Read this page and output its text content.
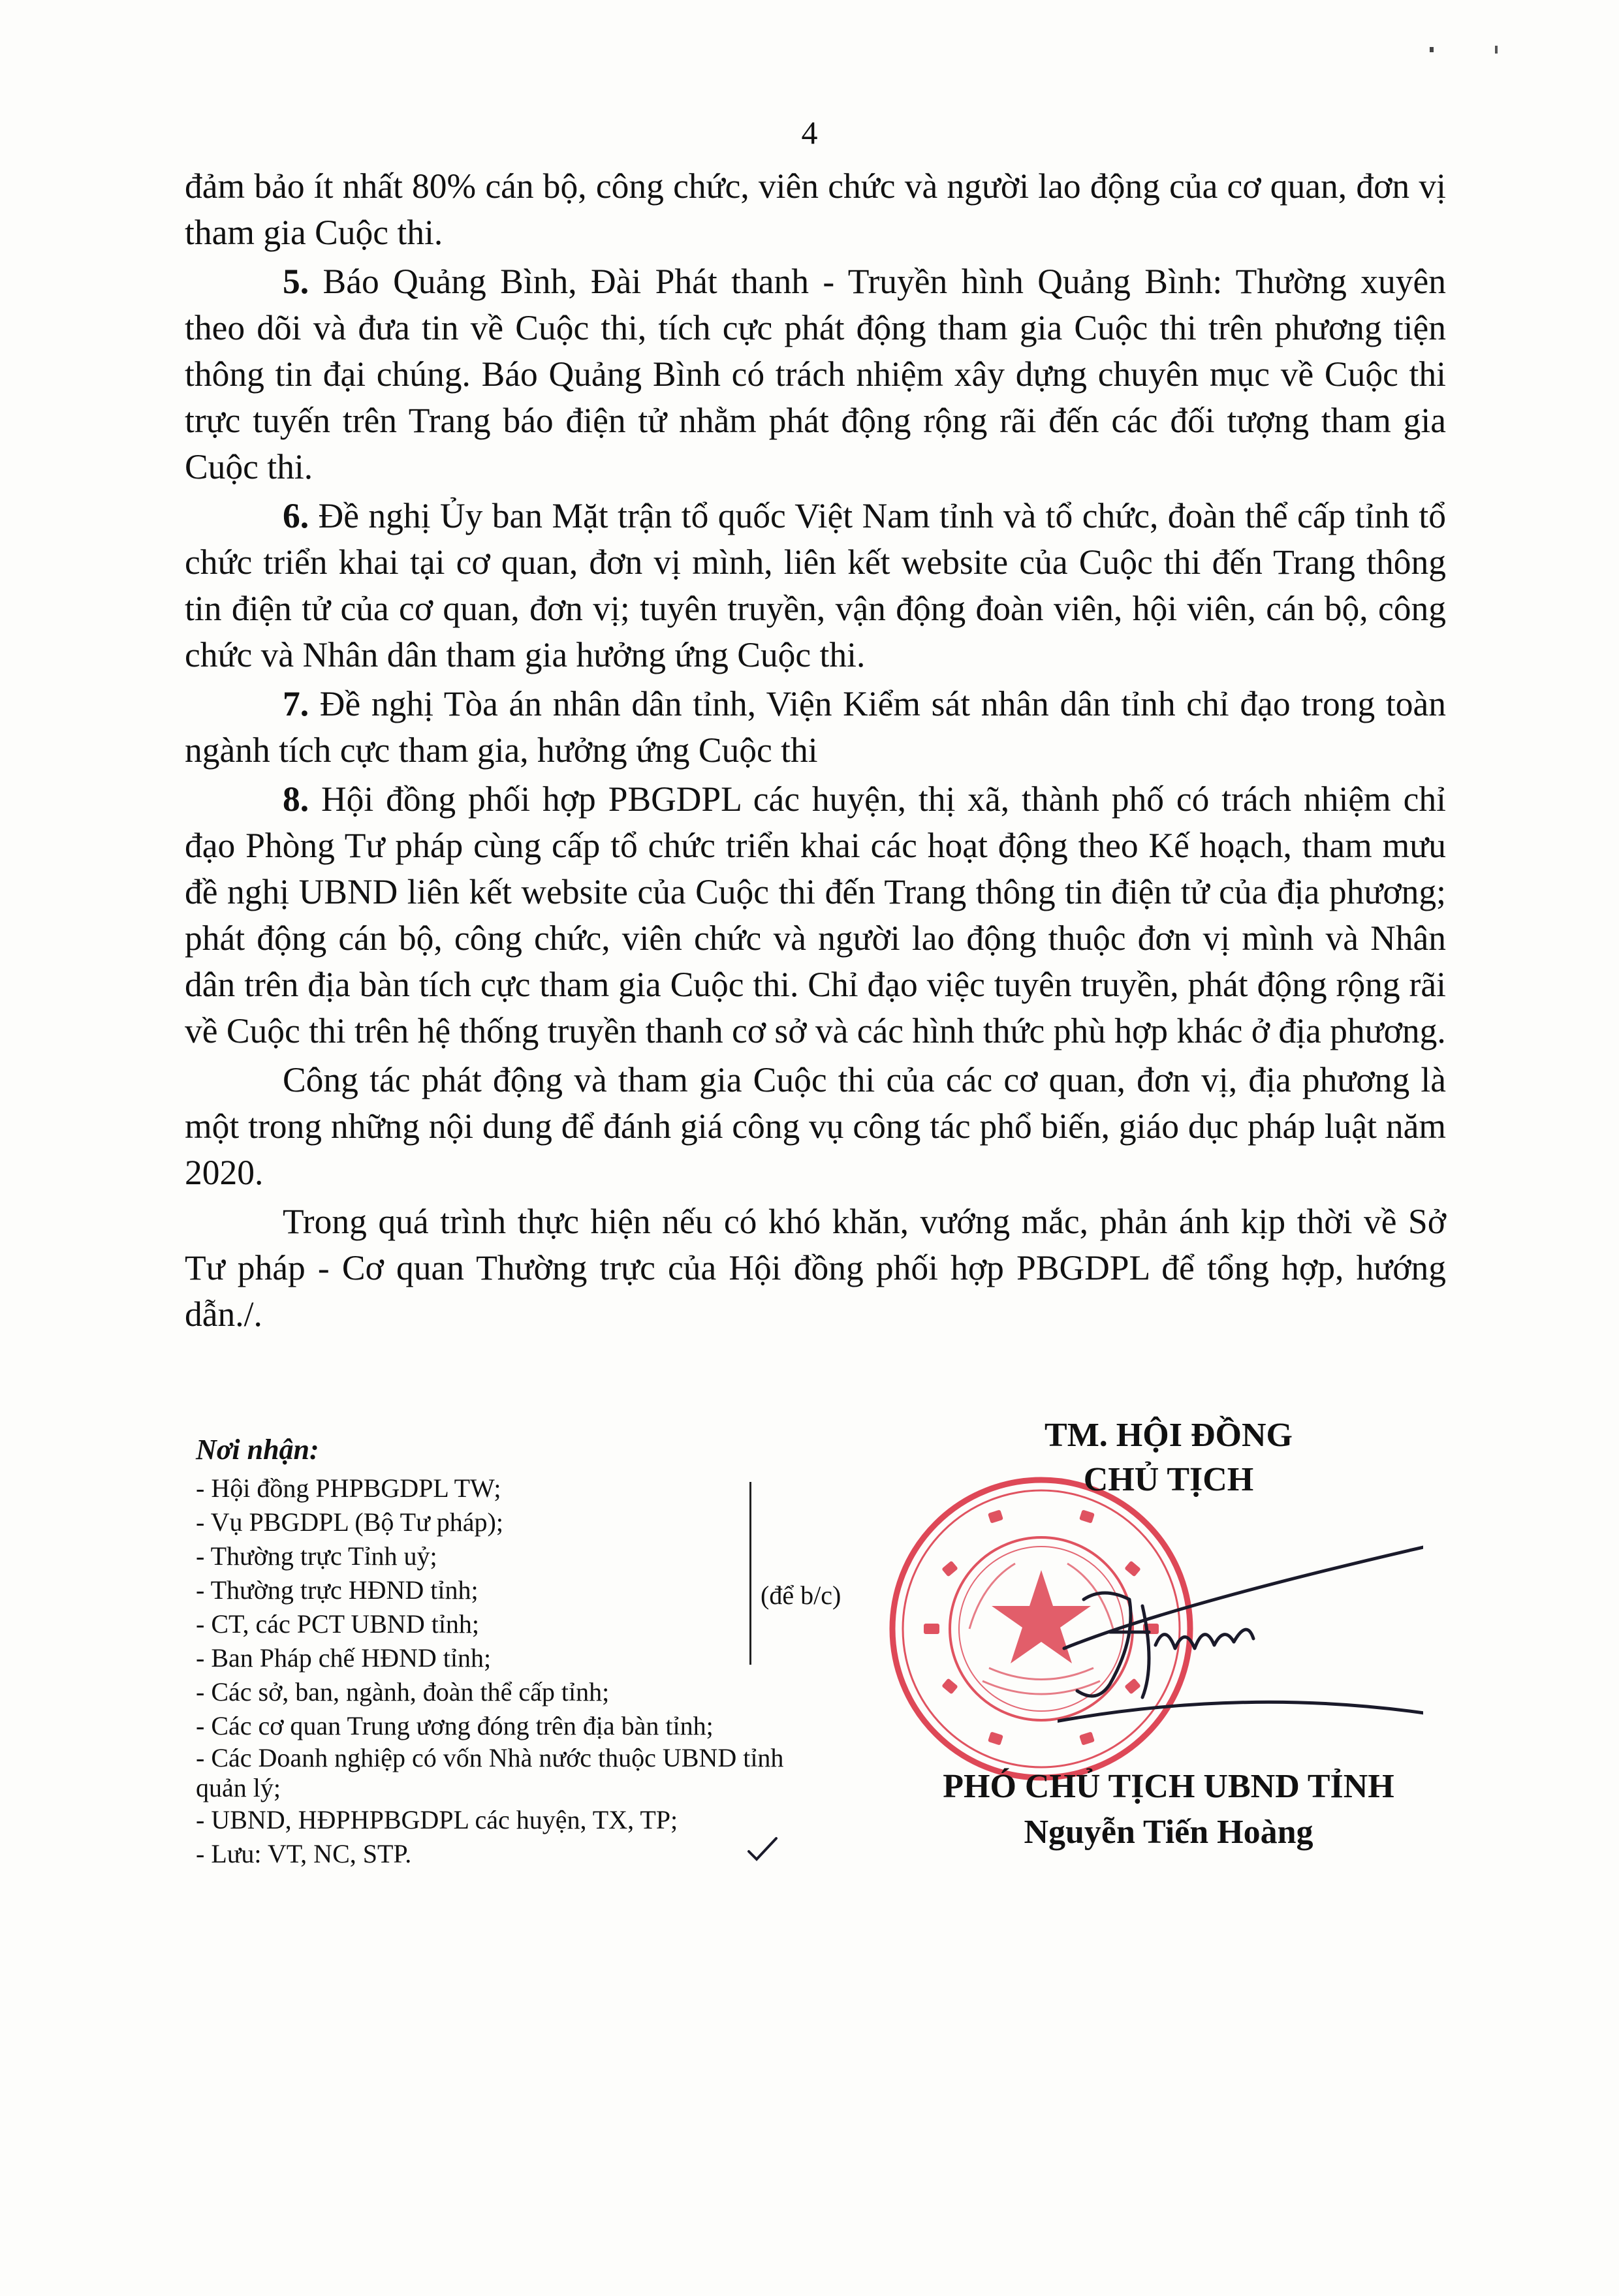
4

đảm bảo ít nhất 80% cán bộ, công chức, viên chức và người lao động của cơ quan, đơn vị tham gia Cuộc thi.

5. Báo Quảng Bình, Đài Phát thanh - Truyền hình Quảng Bình: Thường xuyên theo dõi và đưa tin về Cuộc thi, tích cực phát động tham gia Cuộc thi trên phương tiện thông tin đại chúng. Báo Quảng Bình có trách nhiệm xây dựng chuyên mục về Cuộc thi trực tuyến trên Trang báo điện tử nhằm phát động rộng rãi đến các đối tượng tham gia Cuộc thi.

6. Đề nghị Ủy ban Mặt trận tổ quốc Việt Nam tỉnh và tổ chức, đoàn thể cấp tỉnh tổ chức triển khai tại cơ quan, đơn vị mình, liên kết website của Cuộc thi đến Trang thông tin điện tử của cơ quan, đơn vị; tuyên truyền, vận động đoàn viên, hội viên, cán bộ, công chức và Nhân dân tham gia hưởng ứng Cuộc thi.

7. Đề nghị Tòa án nhân dân tỉnh, Viện Kiểm sát nhân dân tỉnh chỉ đạo trong toàn ngành tích cực tham gia, hưởng ứng Cuộc thi

8. Hội đồng phối hợp PBGDPL các huyện, thị xã, thành phố có trách nhiệm chỉ đạo Phòng Tư pháp cùng cấp tổ chức triển khai các hoạt động theo Kế hoạch, tham mưu đề nghị UBND liên kết website của Cuộc thi đến Trang thông tin điện tử của địa phương; phát động cán bộ, công chức, viên chức và người lao động thuộc đơn vị mình và Nhân dân trên địa bàn tích cực tham gia Cuộc thi. Chỉ đạo việc tuyên truyền, phát động rộng rãi về Cuộc thi trên hệ thống truyền thanh cơ sở và các hình thức phù hợp khác ở địa phương.

Công tác phát động và tham gia Cuộc thi của các cơ quan, đơn vị, địa phương là một trong những nội dung để đánh giá công vụ công tác phổ biến, giáo dục pháp luật năm 2020.

Trong quá trình thực hiện nếu có khó khăn, vướng mắc, phản ánh kịp thời về Sở Tư pháp - Cơ quan Thường trực của Hội đồng phối hợp PBGDPL để tổng hợp, hướng dẫn./.

Nơi nhận:
- Hội đồng PHPBGDPL TW;
- Vụ PBGDPL (Bộ Tư pháp);
- Thường trực Tỉnh uỷ;
- Thường trực HĐND tỉnh;
- CT, các PCT UBND tỉnh;
- Ban Pháp chế HĐND tỉnh;
- Các sở, ban, ngành, đoàn thể cấp tỉnh;
- Các cơ quan Trung ương đóng trên địa bàn tỉnh;
- Các Doanh nghiệp có vốn Nhà nước thuộc UBND tỉnh quản lý;
- UBND, HĐPHPBGDPL các huyện, TX, TP;
- Lưu: VT, NC, STP.
(để b/c)
TM. HỘI ĐỒNG
CHỦ TỊCH
PHÓ CHỦ TỊCH UBND TỈNH
Nguyễn Tiến Hoàng
